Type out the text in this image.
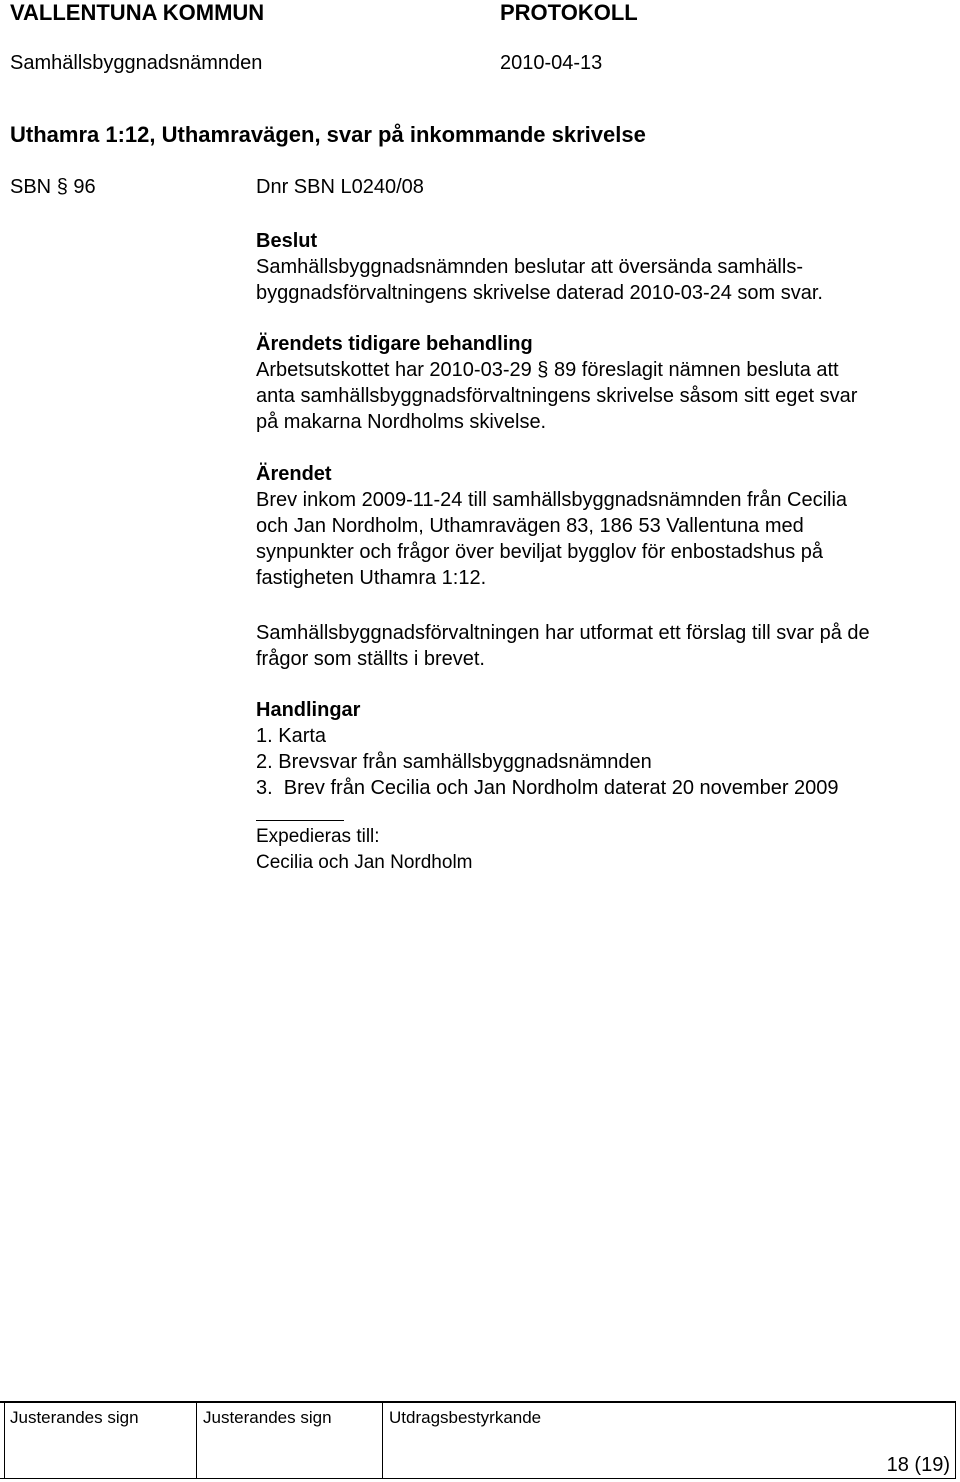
VALLENTUNA KOMMUN	PROTOKOLL
Samhällsbyggnadsnämnden	2010-04-13
Uthamra 1:12, Uthamravägen, svar på inkommande skrivelse
SBN § 96	Dnr SBN L0240/08

Beslut

Samhällsbyggnadsnämnden beslutar att översända samhälls-

byggnadsförvaltningens skrivelse daterad 2010-03-24 som svar.

Ärendets tidigare behandling

Arbetsutskottet har 2010-03-29 § 89 föreslagit nämnen besluta att

anta samhällsbyggnadsförvaltningens skrivelse såsom sitt eget svar

på makarna Nordholms skivelse.

Ärendet

Brev inkom 2009-11-24 till samhällsbyggnadsnämnden från Cecilia

och Jan Nordholm, Uthamravägen 83, 186 53 Vallentuna med

synpunkter och frågor över beviljat bygglov för enbostadshus på

fastigheten Uthamra 1:12.

Samhällsbyggnadsförvaltningen har utformat ett förslag till svar på de

frågor som ställts i brevet.

Handlingar

1. Karta

2. Brevsvar från samhällsbyggnadsnämnden

3.  Brev från Cecilia och Jan Nordholm daterat 20 november 2009

Expedieras till:
Cecilia och Jan Nordholm
Justerandes sign	Justerandes sign	Utdragsbestyrkande
18 (19)
